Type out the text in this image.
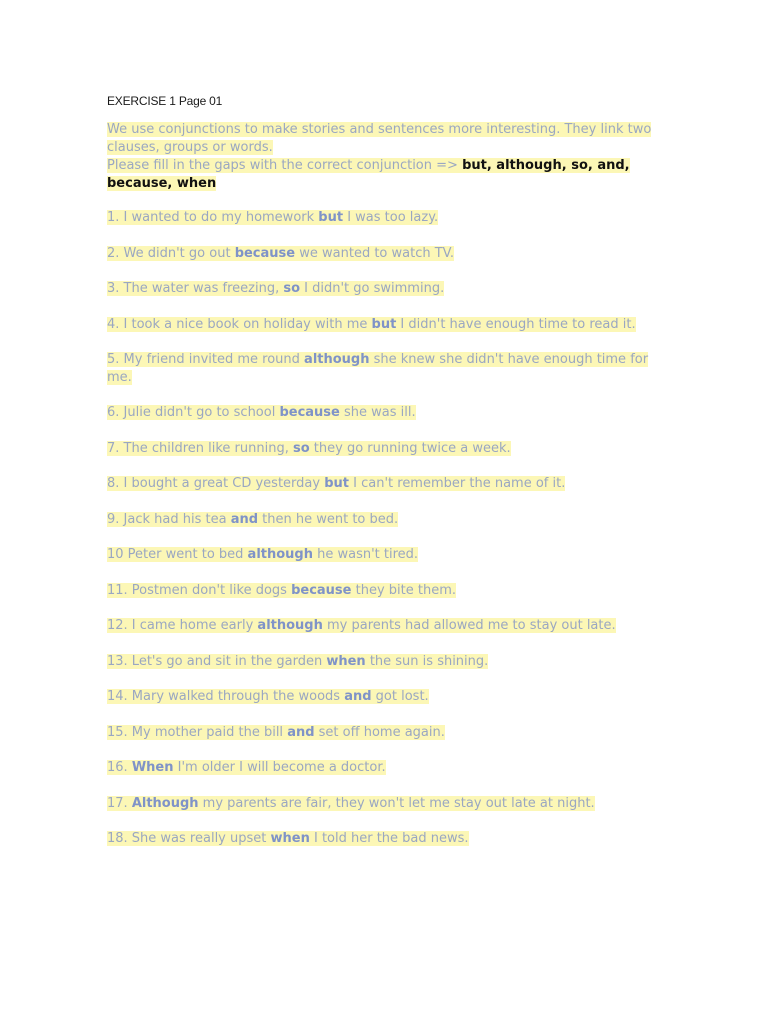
EXERCISE 1 Page 01
We use conjunctions to make stories and sentences more interesting. They link two clauses, groups or words.
Please fill in the gaps with the correct conjunction => but, although, so, and, because, when
1. I wanted to do my homework but I was too lazy.
2. We didn't go out because we wanted to watch TV.
3. The water was freezing, so I didn't go swimming.
4. I took a nice book on holiday with me but I didn't have enough time to read it.
5. My friend invited me round although she knew she didn't have enough time for me.
6. Julie didn't go to school because she was ill.
7. The children like running, so they go running twice a week.
8. I bought a great CD yesterday but I can't remember the name of it.
9. Jack had his tea and then he went to bed.
10 Peter went to bed although he wasn't tired.
11. Postmen don't like dogs because they bite them.
12. I came home early although my parents had allowed me to stay out late.
13. Let's go and sit in the garden when the sun is shining.
14. Mary walked through the woods and got lost.
15. My mother paid the bill and set off home again.
16. When I'm older I will become a doctor.
17. Although my parents are fair, they won't let me stay out late at night.
18. She was really upset when I told her the bad news.
